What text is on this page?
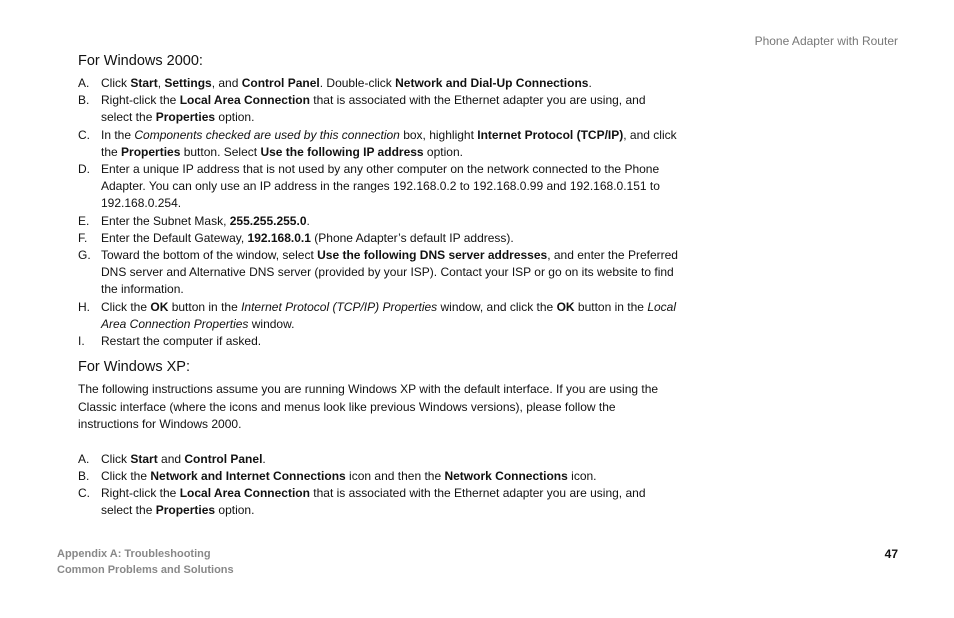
Phone Adapter with Router
For Windows 2000:
A. Click Start, Settings, and Control Panel. Double-click Network and Dial-Up Connections.
B. Right-click the Local Area Connection that is associated with the Ethernet adapter you are using, and select the Properties option.
C. In the Components checked are used by this connection box, highlight Internet Protocol (TCP/IP), and click the Properties button. Select Use the following IP address option.
D. Enter a unique IP address that is not used by any other computer on the network connected to the Phone Adapter. You can only use an IP address in the ranges 192.168.0.2 to 192.168.0.99 and 192.168.0.151 to 192.168.0.254.
E. Enter the Subnet Mask, 255.255.255.0.
F. Enter the Default Gateway, 192.168.0.1 (Phone Adapter’s default IP address).
G. Toward the bottom of the window, select Use the following DNS server addresses, and enter the Preferred DNS server and Alternative DNS server (provided by your ISP). Contact your ISP or go on its website to find the information.
H. Click the OK button in the Internet Protocol (TCP/IP) Properties window, and click the OK button in the Local Area Connection Properties window.
I. Restart the computer if asked.
For Windows XP:

The following instructions assume you are running Windows XP with the default interface. If you are using the Classic interface (where the icons and menus look like previous Windows versions), please follow the instructions for Windows 2000.

A. Click Start and Control Panel.
B. Click the Network and Internet Connections icon and then the Network Connections icon.
C. Right-click the Local Area Connection that is associated with the Ethernet adapter you are using, and select the Properties option.
Appendix A: Troubleshooting
Common Problems and Solutions
47
